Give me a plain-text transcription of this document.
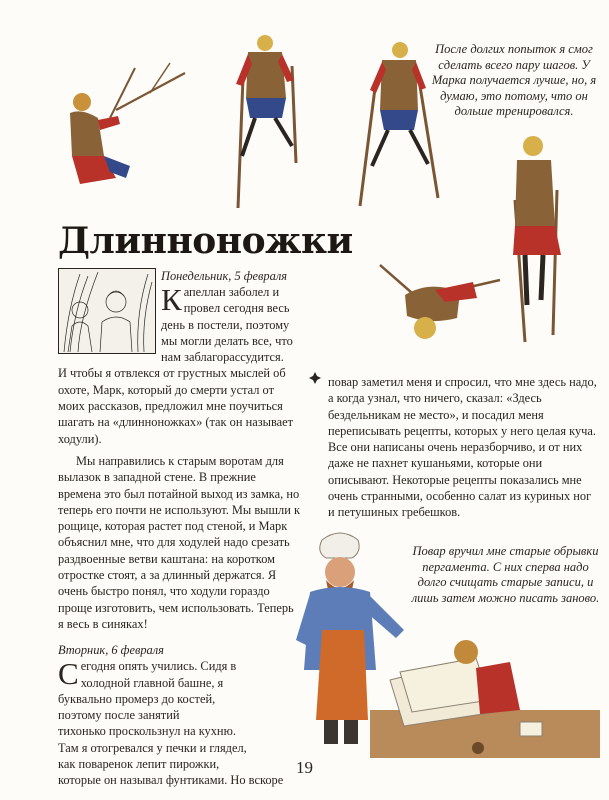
После долгих попыток я смог сделать всего пару шагов. У Марка получается лучше, но, я думаю, это потому, что он дольше тренировался.
Длинноножки

Понедельник, 5 февраля

К апеллан заболел и
провел сегодня весь
день в постели, поэтому
мы могли делать все, что
нам заблагорассудится.

И чтобы я отвлекся от грустных мыслей об охоте, Марк, который до смерти устал от моих рассказов, предложил мне поучиться шагать на «длинноножках» (так он называет ходули).

Мы направились к старым воротам для вылазок в западной стене. В прежние времена это был потайной выход из замка, но теперь его почти не используют. Мы вышли к рощице, которая растет под стеной, и Марк объяснил мне, что для ходулей надо срезать раздвоенные ветви каштана: на коротком отростке стоят, а за длинный держатся. Я очень быстро понял, что ходули гораздо проще изготовить, чем использовать. Теперь я весь в синяках!

Вторник, 6 февраля

С егодня опять учились. Сидя в
холодной главной башне, я
буквально промерз до костей,
поэтому после занятий
тихонько проскользнул на кухню.
Там я отогревался у печки и глядел,
как поваренок лепит пирожки,
которые он называл фунтиками. Но вскоре

повар заметил меня и спросил, что мне здесь надо, а когда узнал, что ничего, сказал: «Здесь бездельникам не место», и посадил меня переписывать рецепты, которых у него целая куча. Все они написаны очень неразборчиво, и от них даже не пахнет кушаньями, которые они описывают. Некоторые рецепты показались мне очень странными, особенно салат из куриных ног и петушиных гребешков.

Повар вручил мне старые обрывки пергамента. С них сперва надо долго счищать старые записи, и лишь затем можно писать заново.
19
